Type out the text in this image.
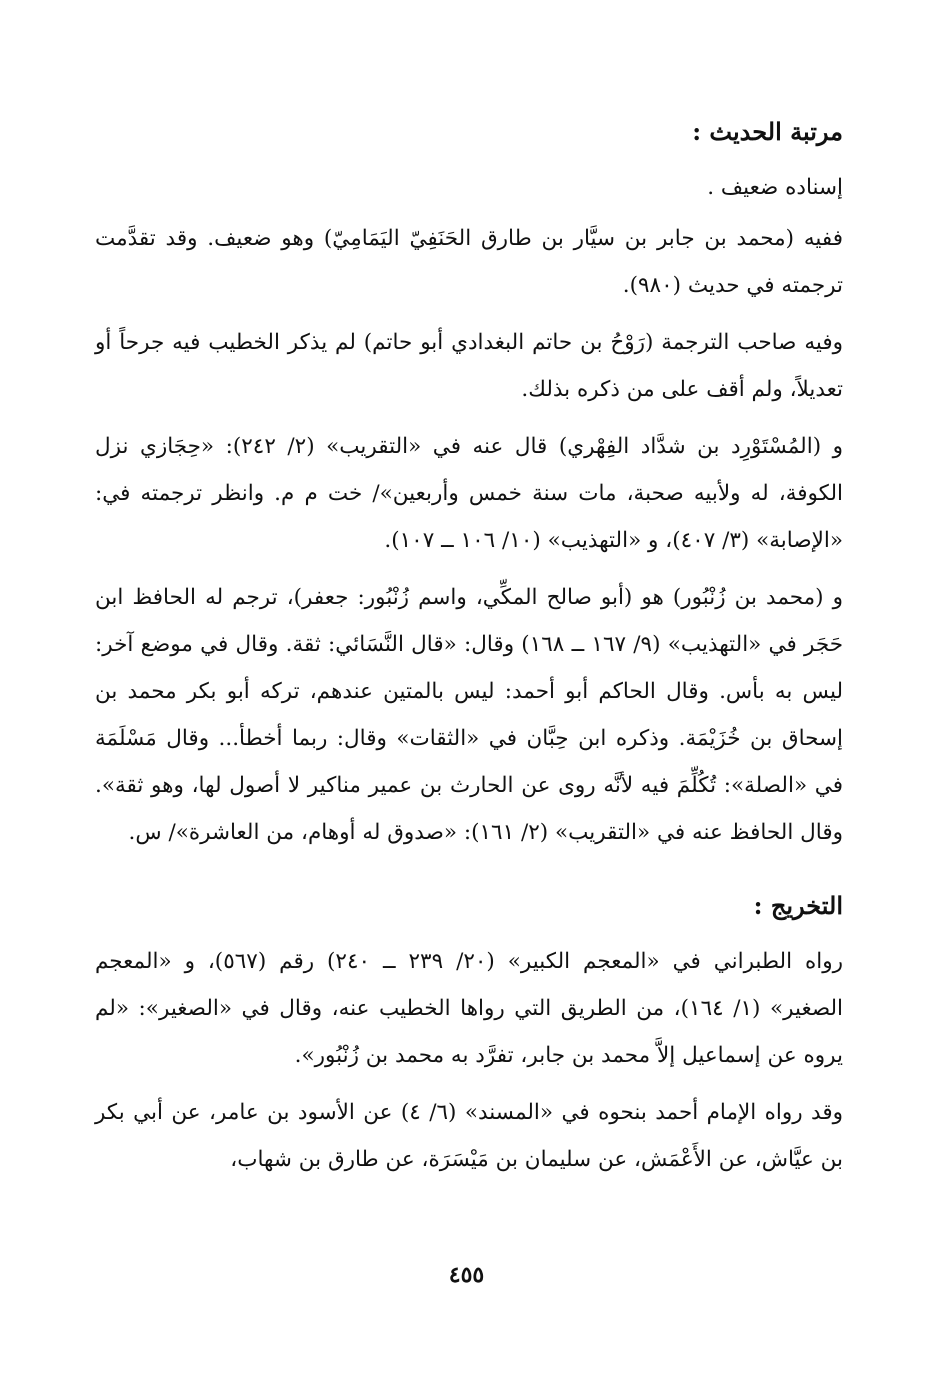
مرتبة الحديث :

إسناده ضعيف .

ففيه (محمد بن جابر بن سيَّار بن طارق الحَنَفِيّ اليَمَامِيّ) وهو ضعيف. وقد تقدَّمت ترجمته في حديث (٩٨٠).

وفيه صاحب الترجمة (رَوْحُ بن حاتم البغدادي أبو حاتم) لم يذكر الخطيب فيه جرحاً أو تعديلاً، ولم أقف على من ذكره بذلك.

و (المُسْتَوْرِد بن شدَّاد الفِهْري) قال عنه في «التقريب» (٢/ ٢٤٢): «حِجَازي نزل الكوفة، له ولأبيه صحبة، مات سنة خمس وأربعين»/ خت م م. وانظر ترجمته في: «الإصابة» (٣/ ٤٠٧)، و «التهذيب» (١٠/ ١٠٦ ــ ١٠٧).

و (محمد بن زُنْبُور) هو (أبو صالح المكِّي، واسم زُنْبُور: جعفر)، ترجم له الحافظ ابن حَجَر في «التهذيب» (٩/ ١٦٧ ــ ١٦٨) وقال: «قال النَّسَائي: ثقة. وقال في موضع آخر: ليس به بأس. وقال الحاكم أبو أحمد: ليس بالمتين عندهم، تركه أبو بكر محمد بن إسحاق بن خُزَيْمَة. وذكره ابن حِبَّان في «الثقات» وقال: ربما أخطأ... وقال مَسْلَمَة في «الصلة»: تُكُلِّمَ فيه لأنَّه روى عن الحارث بن عمير مناكير لا أصول لها، وهو ثقة». وقال الحافظ عنه في «التقريب» (٢/ ١٦١): «صدوق له أوهام، من العاشرة»/ س.

التخريج :

رواه الطبراني في «المعجم الكبير» (٢٠/ ٢٣٩ ــ ٢٤٠) رقم (٥٦٧)، و «المعجم الصغير» (١/ ١٦٤)، من الطريق التي رواها الخطيب عنه، وقال في «الصغير»: «لم يروه عن إسماعيل إلاَّ محمد بن جابر، تفرَّد به محمد بن زُنْبُور».

وقد رواه الإمام أحمد بنحوه في «المسند» (٦/ ٤) عن الأسود بن عامر، عن أبي بكر بن عيَّاش، عن الأَعْمَش، عن سليمان بن مَيْسَرَة، عن طارق بن شهاب،

٤٥٥
